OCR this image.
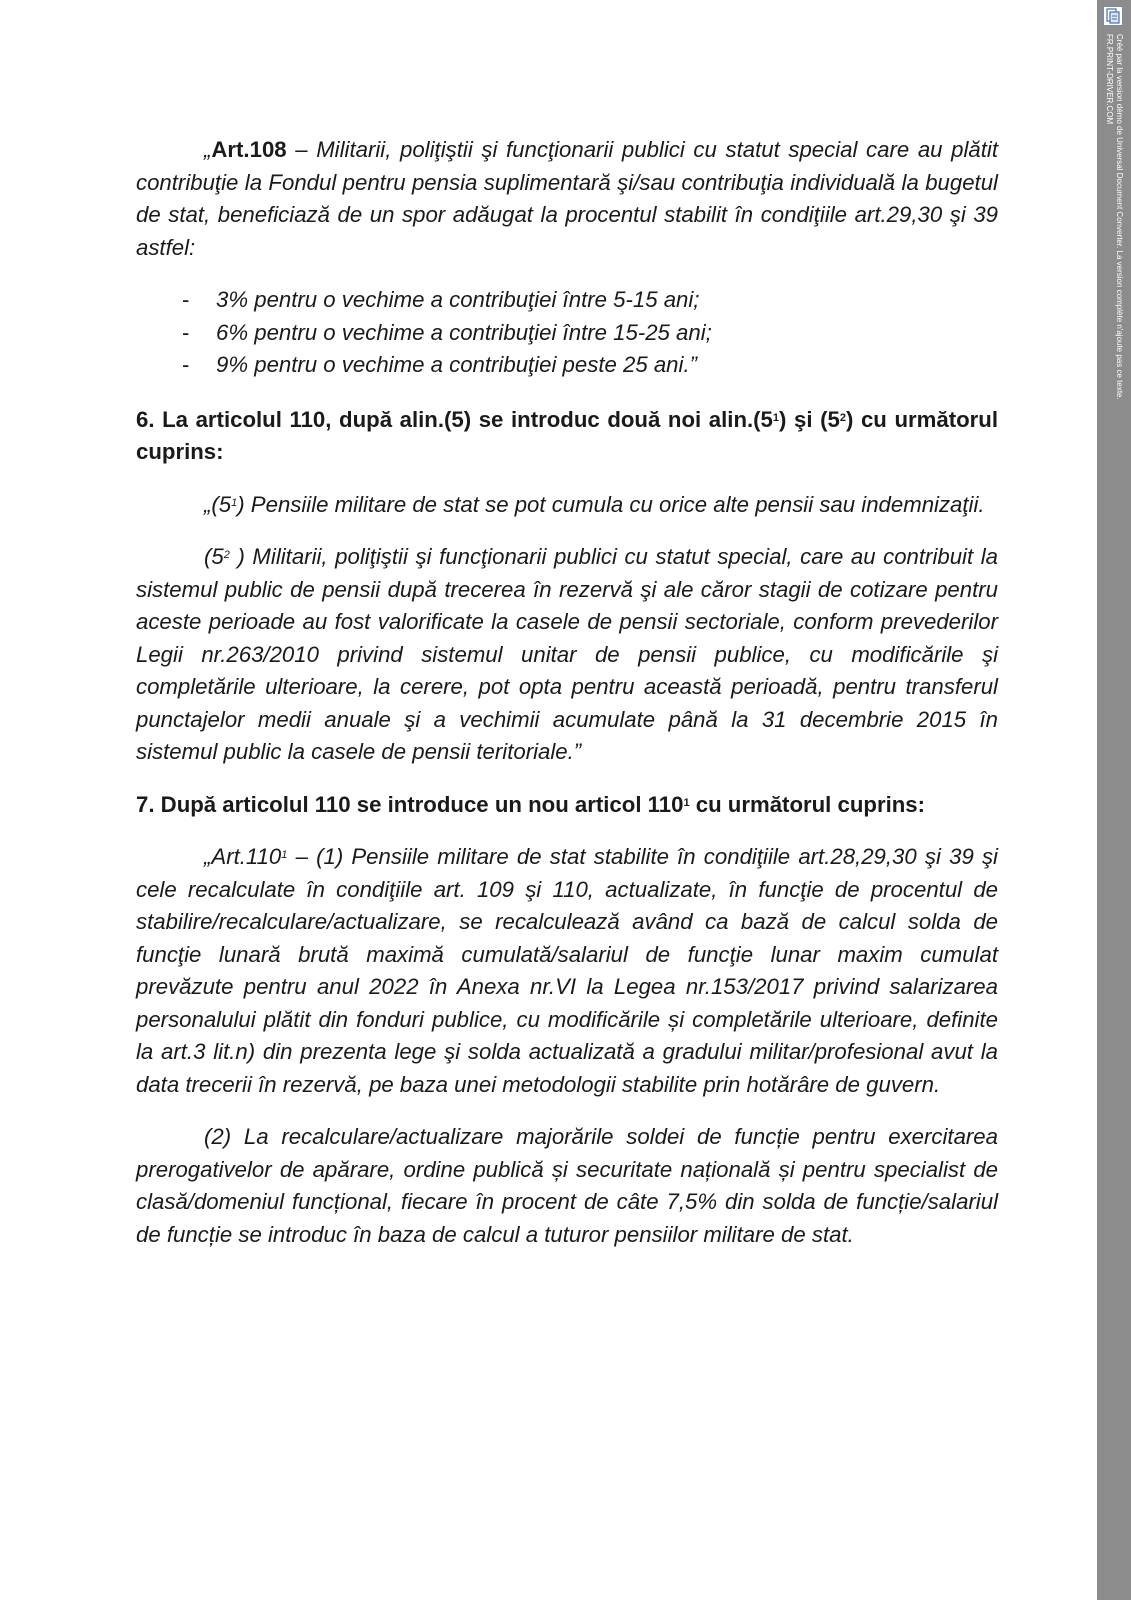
„Art.108 – Militarii, poliţiştii şi funcţionarii publici cu statut special care au plătit contribuţie la Fondul pentru pensia suplimentară şi/sau contribuţia individuală la bugetul de stat, beneficiază de un spor adăugat la procentul stabilit în condiţiile art.29,30 şi 39 astfel:

- 3% pentru o vechime a contribuţiei între 5-15 ani;
- 6% pentru o vechime a contribuţiei între 15-25 ani;
- 9% pentru o vechime a contribuţiei peste 25 ani.”

6. La articolul 110, după alin.(5) se introduc două noi $alin.(5^1)$ şi $(5^2)$ cu următorul cuprins:

$„(5^1)$ Pensiile militare de stat se pot cumula cu orice alte pensii sau indemnizaţii.

($5^2$ ) Militarii, poliţiştii şi funcţionarii publici cu statut special, care au contribuit la sistemul public de pensii după trecerea în rezervă şi ale căror stagii de cotizare pentru aceste perioade au fost valorificate la casele de pensii sectoriale, conform prevederilor Legii nr.263/2010 privind sistemul unitar de pensii publice, cu modificările şi completările ulterioare, la cerere, pot opta pentru această perioadă, pentru transferul punctajelor medii anuale şi a vechimii acumulate până la 31 decembrie 2015 în sistemul public la casele de pensii teritoriale.”

7. După articolul 110 se introduce un nou articol $110^1$ cu următorul cuprins:

„Art.110$^1$ – (1) Pensiile militare de stat stabilite în condiţiile art.28,29,30 şi 39 şi cele recalculate în condiţiile art. 109 şi 110, actualizate, în funcţie de procentul de stabilire/recalculare/actualizare, se recalculează având ca bază de calcul solda de funcţie lunară brută maximă cumulată/salariul de funcţie lunar maxim cumulat prevăzute pentru anul 2022 în Anexa nr.VI la Legea nr.153/2017 privind salarizarea personalului plătit din fonduri publice, cu modificările și completările ulterioare, definite la art.3 lit.n) din prezenta lege şi solda actualizată a gradului militar/profesional avut la data trecerii în rezervă, pe baza unei metodologii stabilite prin hotărâre de guvern.

(2) La recalculare/actualizare majorările soldei de funcție pentru exercitarea prerogativelor de apărare, ordine publică și securitate națională și pentru specialist de clasă/domeniul funcțional, fiecare în procent de câte 7,5% din solda de funcție/salariul de funcție se introduc în baza de calcul a tuturor pensiilor militare de stat.

Créé par la version démo de Universal Document Converter. La version complète n'ajoute pas ce texte.
FR.PRINT-DRIVER.COM
